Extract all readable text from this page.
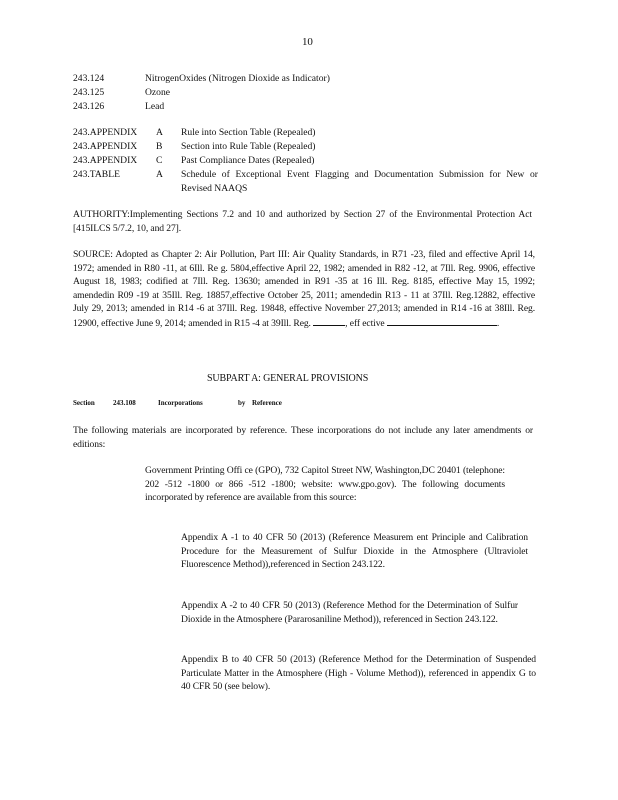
10
243.124	NitrogenOxides (Nitrogen Dioxide as Indicator)
243.125	Ozone
243.126	Lead
243.APPENDIX A Rule into Section Table (Repealed)
243.APPENDIX B Section into Rule Table (Repealed)
243.APPENDIX C Past Compliance Dates (Repealed)
243.TABLE	A Schedule of Exceptional Event Flagging and Documentation Submission for New or Revised NAAQS

AUTHORITY:Implementing Sections 7.2 and 10 and authorized by Section 27 of the Environmental Protection Act [415ILCS 5/7.2, 10, and 27].

SOURCE: Adopted as Chapter 2: Air Pollution, Part III: Air Quality Standards, in R71 -23, filed and effective April 14, 1972; amended in R80 -11, at 6Ill. Re g. 5804,effective April 22, 1982; amended in R82 -12, at 7Ill. Reg. 9906, effective August 18, 1983; codified at 7Ill. Reg. 13630; amended in R91 -35 at 16 Ill. Reg. 8185, effective May 15, 1992; amendedin R09 -19 at 35Ill. Reg. 18857,effective October 25, 2011; amendedin R13 - 11 at 37Ill. Reg.12882, effective July 29, 2013; amended in R14 -6 at 37Ill. Reg. 19848, effective November 27,2013; amended in R14 -16 at 38Ill. Reg. 12900, effective June 9, 2014; amended in R15 -4 at 39Ill. Reg.	, eff ective	.

SUBPART A: GENERAL PROVISIONS
Section	243.108	Incorporations	by Reference

The following materials are incorporated by reference. These incorporations do not include any later amendments or editions:

Government Printing Offi ce (GPO), 732 Capitol Street NW, Washington,DC 20401 (telephone: 202 -512 -1800 or 866 -512 -1800; website: www.gpo.gov). The following documents incorporated by reference are available from this source:

Appendix A -1 to 40 CFR 50 (2013) (Reference Measurem ent Principle and Calibration Procedure for the Measurement of Sulfur Dioxide in the Atmosphere (Ultraviolet Fluorescence Method)),referenced in Section 243.122.

Appendix A -2 to 40 CFR 50 (2013) (Reference Method for the Determination of Sulfur Dioxide in the Atmosphere (Pararosaniline Method)), referenced in Section 243.122.

Appendix B to 40 CFR 50 (2013) (Reference Method for the Determination of Suspended Particulate Matter in the Atmosphere (High - Volume Method)), referenced in appendix G to 40 CFR 50 (see below).
